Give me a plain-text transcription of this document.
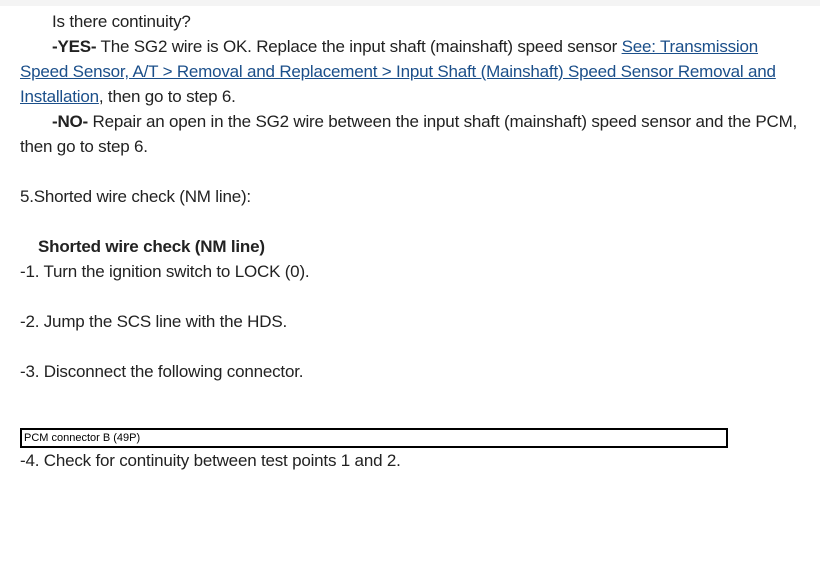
Is there continuity?

-YES- The SG2 wire is OK. Replace the input shaft (mainshaft) speed sensor See: Transmission Speed Sensor, A/T > Removal and Replacement > Input Shaft (Mainshaft) Speed Sensor Removal and Installation, then go to step 6.

-NO- Repair an open in the SG2 wire between the input shaft (mainshaft) speed sensor and the PCM, then go to step 6.

5.Shorted wire check (NM line):

Shorted wire check (NM line)

-1. Turn the ignition switch to LOCK (0).

-2. Jump the SCS line with the HDS.

-3. Disconnect the following connector.

PCM connector B (49P)

-4. Check for continuity between test points 1 and 2.
